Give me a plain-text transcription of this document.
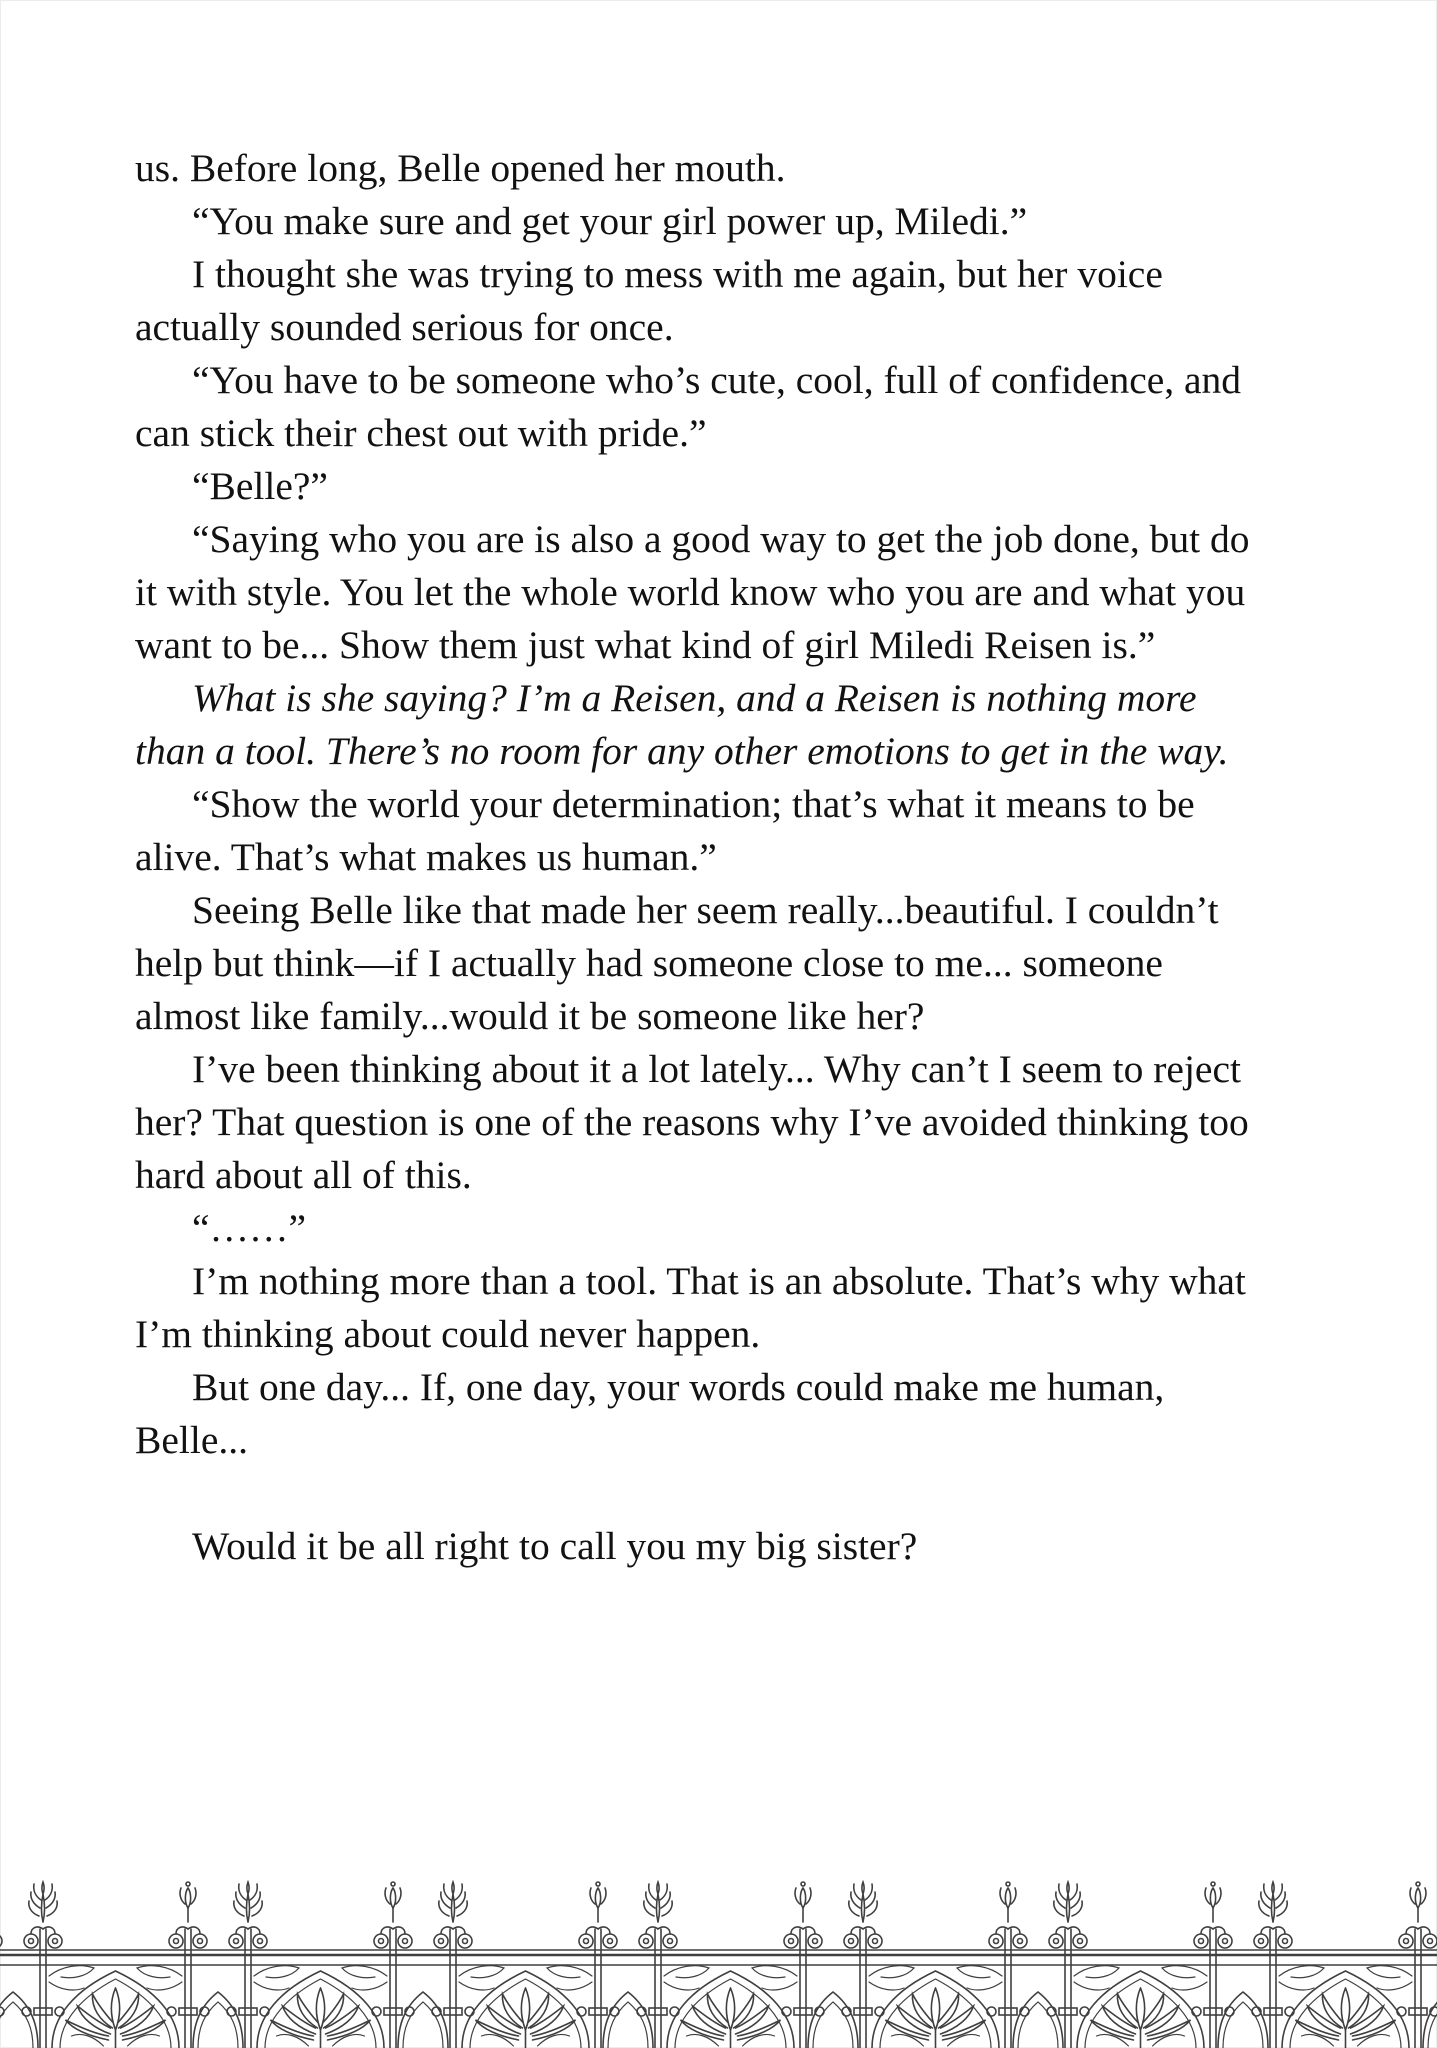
us. Before long, Belle opened her mouth.

“You make sure and get your girl power up, Miledi.”

I thought she was trying to mess with me again, but her voice actually sounded serious for once.

“You have to be someone who’s cute, cool, full of confidence, and can stick their chest out with pride.”

“Belle?”

“Saying who you are is also a good way to get the job done, but do it with style. You let the whole world know who you are and what you want to be... Show them just what kind of girl Miledi Reisen is.”

What is she saying? I’m a Reisen, and a Reisen is nothing more than a tool. There’s no room for any other emotions to get in the way.

“Show the world your determination; that’s what it means to be alive. That’s what makes us human.”

Seeing Belle like that made her seem really...beautiful. I couldn’t help but think—if I actually had someone close to me... someone almost like family...would it be someone like her?

I’ve been thinking about it a lot lately... Why can’t I seem to reject her? That question is one of the reasons why I’ve avoided thinking too hard about all of this.

“……”

I’m nothing more than a tool. That is an absolute. That’s why what I’m thinking about could never happen.

But one day... If, one day, your words could make me human, Belle...

Would it be all right to call you my big sister?
